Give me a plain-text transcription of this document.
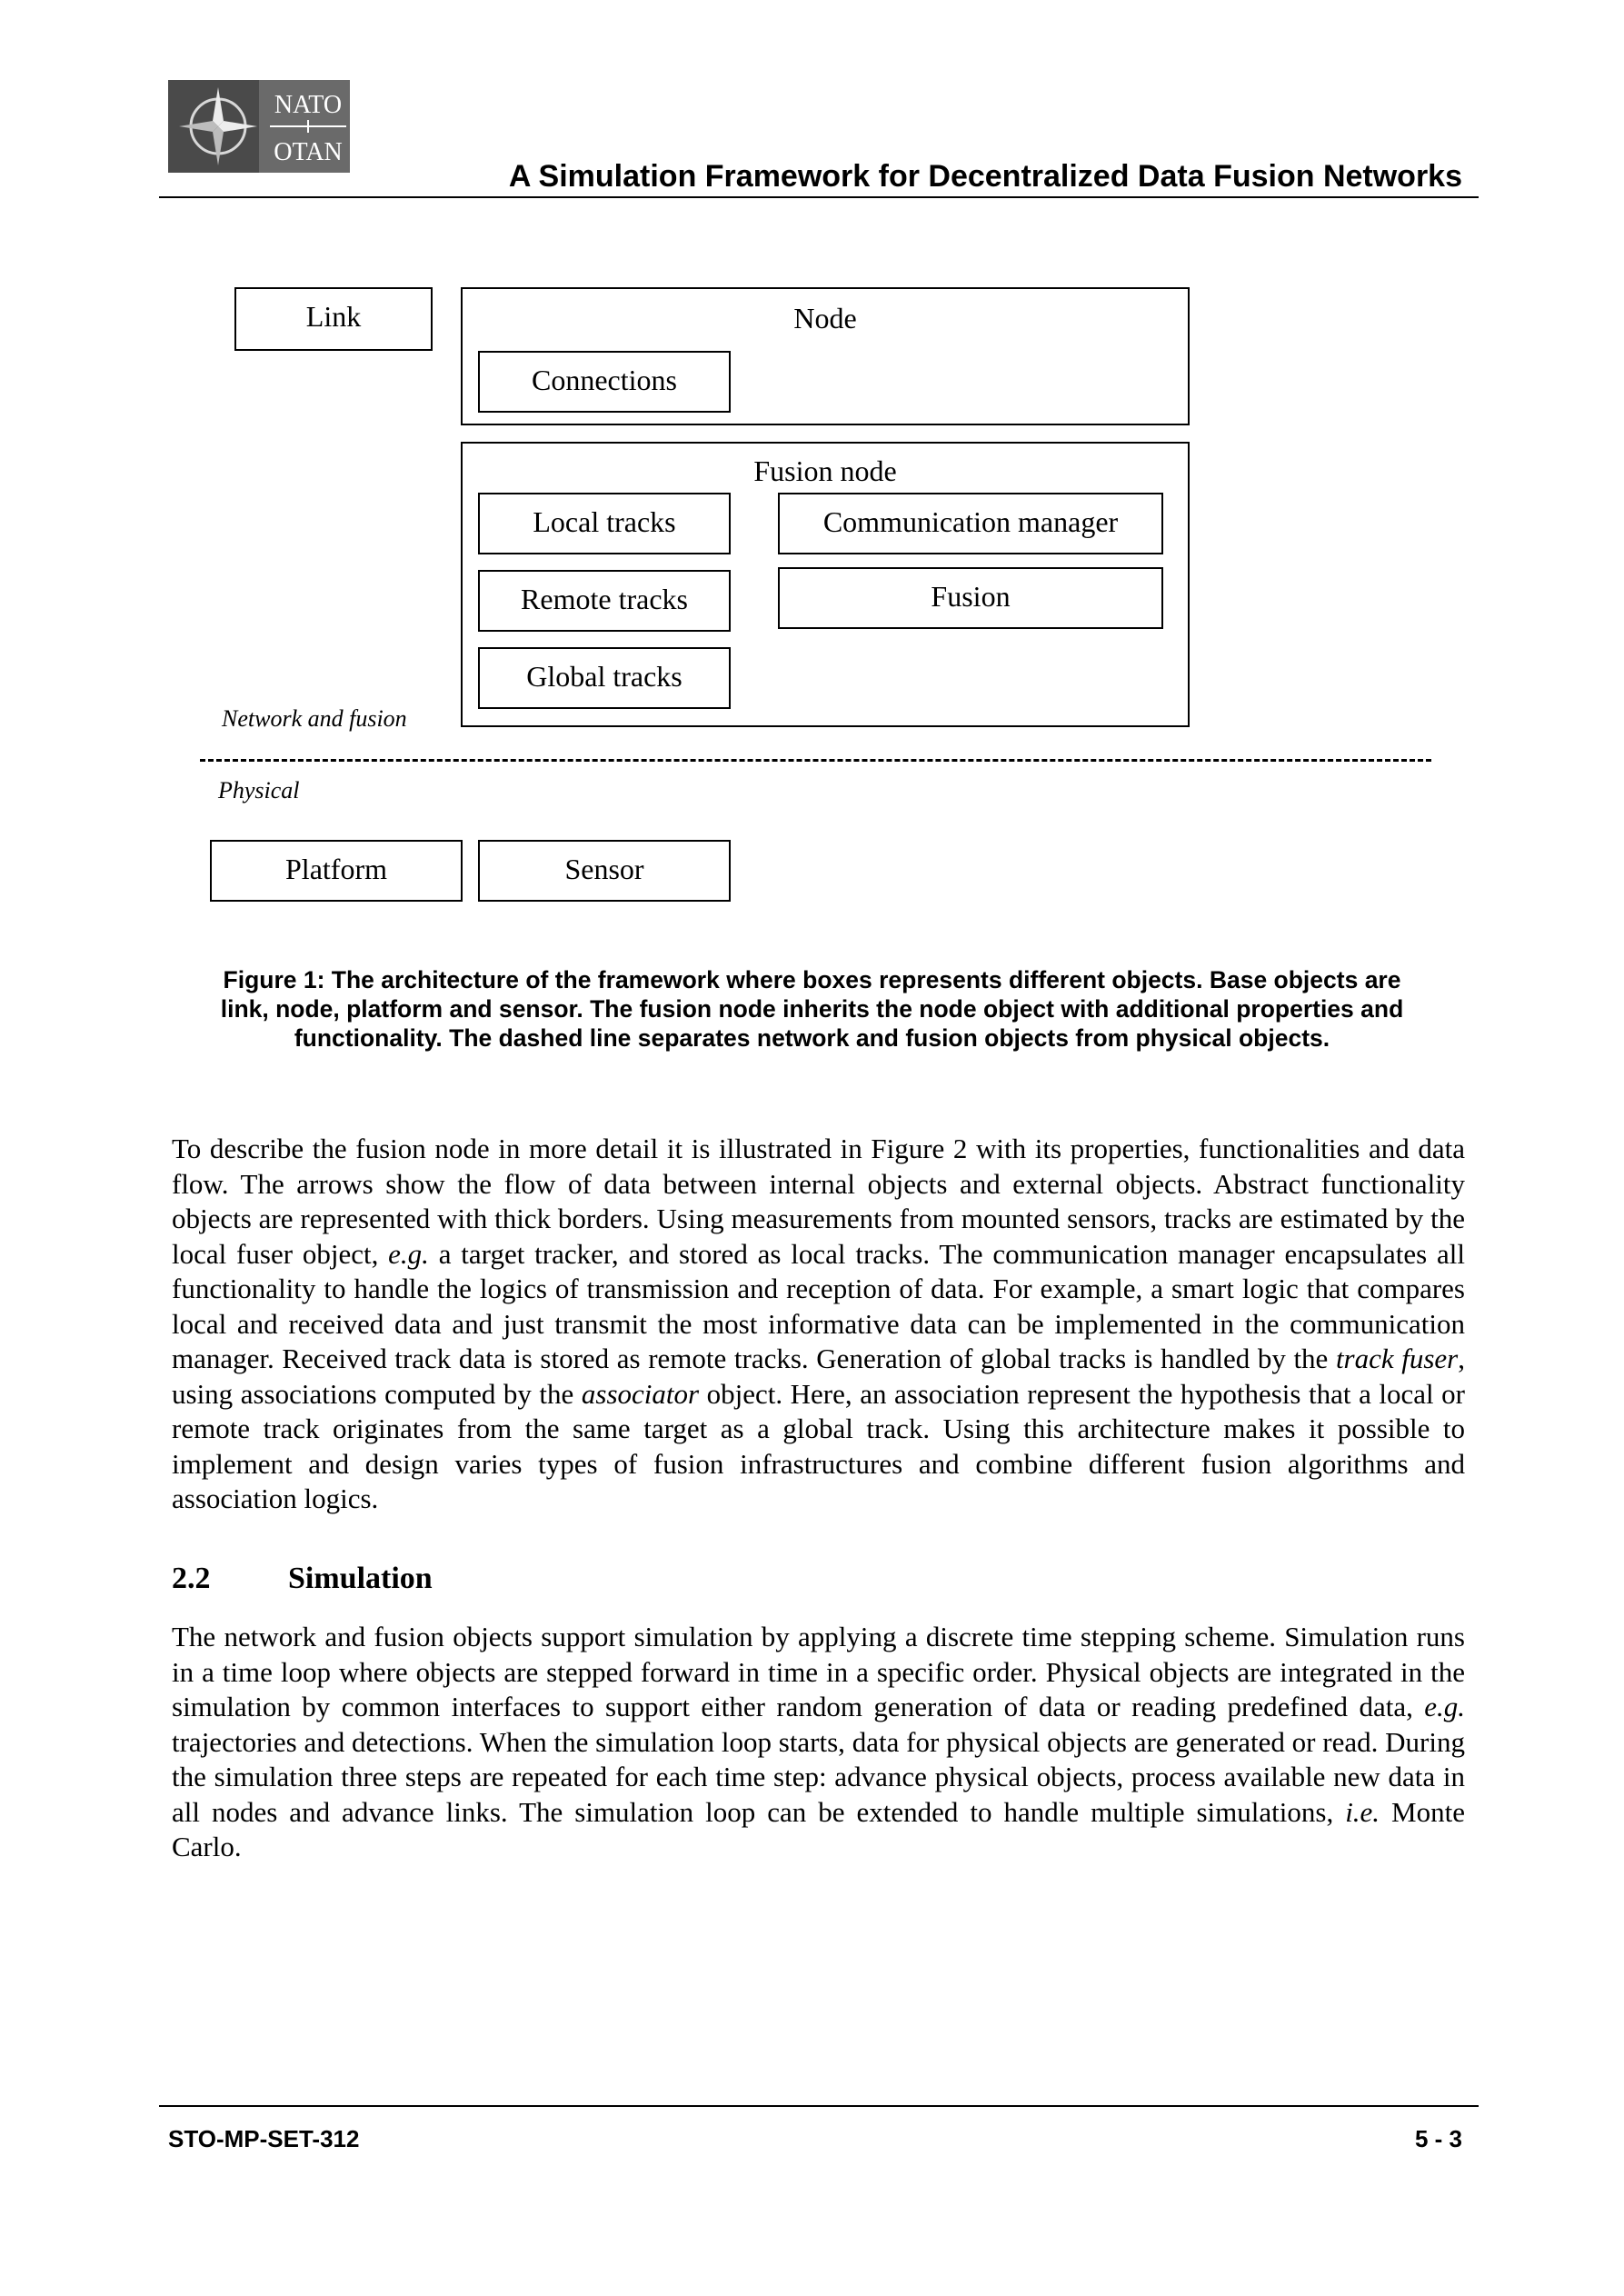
NATO
OTAN
A Simulation Framework for Decentralized Data Fusion Networks
Link	Node
Connections
Fusion node
Local tracks	Communication manager
Remote tracks	Fusion
Global tracks
Network and fusion
Physical
Platform	Sensor
Figure 1: The architecture of the framework where boxes represents different objects. Base objects are link, node, platform and sensor. The fusion node inherits the node object with additional properties and functionality. The dashed line separates network and fusion objects from physical objects.

To describe the fusion node in more detail it is illustrated in Figure 2 with its properties, functionalities and data flow. The arrows show the flow of data between internal objects and external objects. Abstract functionality objects are represented with thick borders. Using measurements from mounted sensors, tracks are estimated by the local fuser object, e.g. a target tracker, and stored as local tracks. The communication manager encapsulates all functionality to handle the logics of transmission and reception of data. For example, a smart logic that compares local and received data and just transmit the most informative data can be implemented in the communication manager. Received track data is stored as remote tracks. Generation of global tracks is handled by the track fuser, using associations computed by the associator object. Here, an association represent the hypothesis that a local or remote track originates from the same target as a global track. Using this architecture makes it possible to implement and design varies types of fusion infrastructures and combine different fusion algorithms and association logics.

2.2	Simulation

The network and fusion objects support simulation by applying a discrete time stepping scheme. Simulation runs in a time loop where objects are stepped forward in time in a specific order. Physical objects are integrated in the simulation by common interfaces to support either random generation of data or reading predefined data, e.g. trajectories and detections. When the simulation loop starts, data for physical objects are generated or read. During the simulation three steps are repeated for each time step: advance physical objects, process available new data in all nodes and advance links. The simulation loop can be extended to handle multiple simulations, i.e. Monte Carlo.

STO-MP-SET-312	5 - 3
